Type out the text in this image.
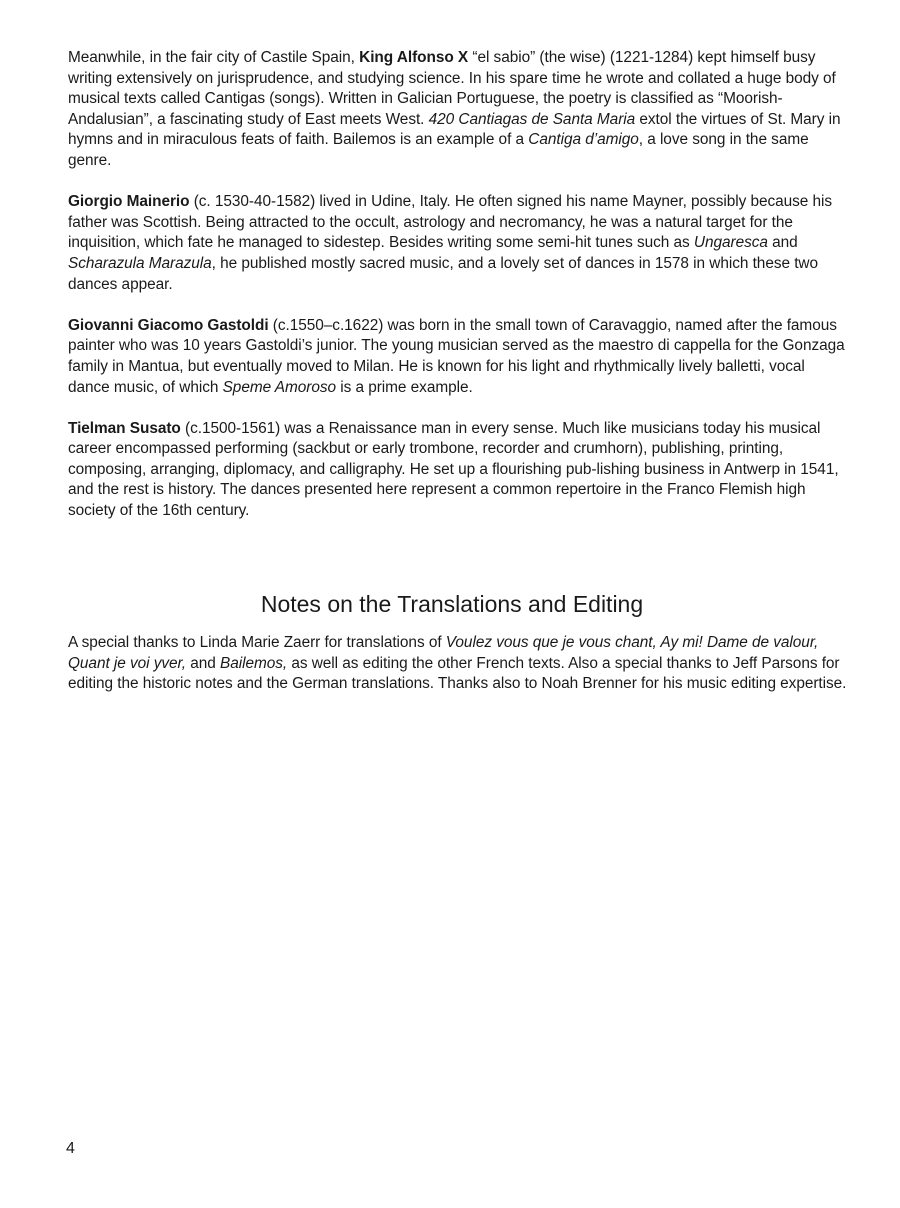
Meanwhile, in the fair city of Castile Spain, King Alfonso X “el sabio” (the wise) (1221-1284) kept himself busy writing extensively on jurisprudence, and studying science. In his spare time he wrote and collated a huge body of musical texts called Cantigas (songs). Written in Galician Portuguese, the poetry is classified as “Moorish-Andalusian”, a fascinating study of East meets West. 420 Cantiagas de Santa Maria extol the virtues of St. Mary in hymns and in miraculous feats of faith. Bailemos is an example of a Cantiga d’amigo, a love song in the same genre.

Giorgio Mainerio (c. 1530-40-1582) lived in Udine, Italy. He often signed his name Mayner, possibly because his father was Scottish. Being attracted to the occult, astrology and necromancy, he was a natural target for the inquisition, which fate he managed to sidestep. Besides writing some semi-hit tunes such as Ungaresca and Scharazula Marazula, he published mostly sacred music, and a lovely set of dances in 1578 in which these two dances appear.

Giovanni Giacomo Gastoldi (c.1550–c.1622) was born in the small town of Caravaggio, named after the famous painter who was 10 years Gastoldi’s junior. The young musician served as the maestro di cappella for the Gonzaga family in Mantua, but eventually moved to Milan. He is known for his light and rhythmically lively balletti, vocal dance music, of which Speme Amoroso is a prime example.

Tielman Susato (c.1500-1561) was a Renaissance man in every sense. Much like musicians today his musical career encompassed performing (sackbut or early trombone, recorder and crumhorn), publishing, printing, composing, arranging, diplomacy, and calligraphy. He set up a flourishing pub-lishing business in Antwerp in 1541, and the rest is history. The dances presented here represent a common repertoire in the Franco Flemish high society of the 16th century.

Notes on the Translations and Editing

A special thanks to Linda Marie Zaerr for translations of Voulez vous que je vous chant, Ay mi! Dame de valour, Quant je voi yver, and Bailemos, as well as editing the other French texts. Also a special thanks to Jeff Parsons for editing the historic notes and the German translations. Thanks also to Noah Brenner for his music editing expertise.

4
